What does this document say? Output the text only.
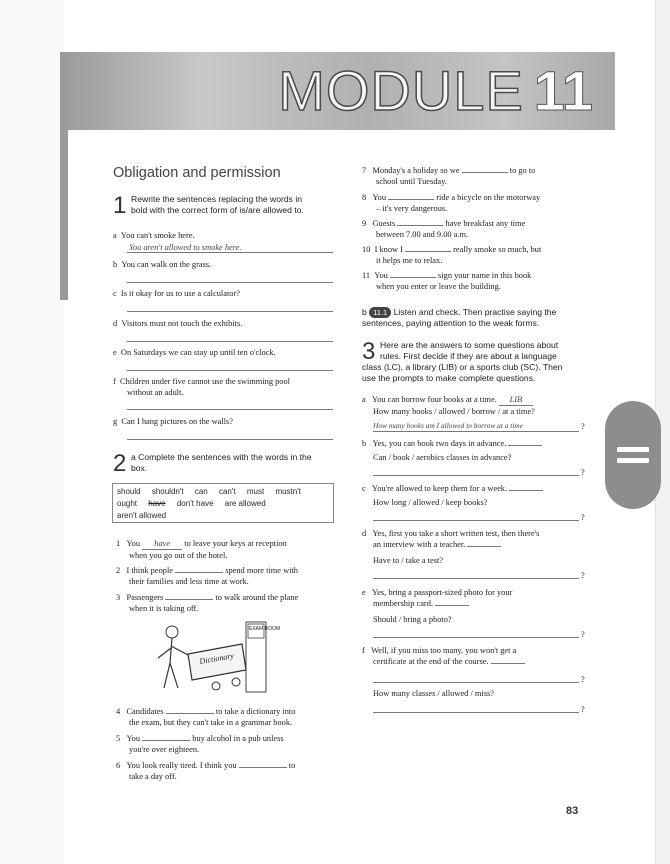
MODULE 11
Obligation and permission
1 Rewrite the sentences replacing the words in
bold with the correct form of is/are allowed to.
a You can't smoke here.
You aren't allowed to smoke here.
b You can walk on the grass.
c Is it okay for us to use a calculator?
d Visitors must not touch the exhibits.
e On Saturdays we can stay up until ten o'clock.
f Children under five cannot use the swimming pool
without an adult.
g Can I hang pictures on the walls?
2 a Complete the sentences with the words in the
box.
should shouldn't can can't must mustn't
ought have don't have are allowed
aren't allowed
1 You have to leave your keys at reception
when you go out of the hotel.
2 I think people	spend more time with
their families and less time at work.
3 Passengers	to walk around the plane
when it is taking off.
EXAM ROOM
Dictionary
4 Candidates	to take a dictionary into
the exam, but they can't take in a grammar book.
5 You	buy alcohol in a pub unless
you're over eighteen.
6 You look really tired. I think you	to
take a day off.
7 Monday's a holiday so we	to go to
school until Tuesday.
8 You	ride a bicycle on the motorway
– it's very dangerous.
9 Guests	have breakfast any time
between 7.00 and 9.00 a.m.
10 I know I	really smoke so much, but
it helps me to relax.
11 You	sign your name in this book
when you enter or leave the building.
b 11.1 Listen and check. Then practise saying the
sentences, paying attention to the weak forms.
3 Here are the answers to some questions about
rules. First decide if they are about a language
class (LC), a library (LIB) or a sports club (SC). Then
use the prompts to make complete questions.
a You can borrow four books at a time. LIB
How many books / allowed / borrow / at a time?
How many books am I allowed to borrow at a time	?
b Yes, you can book two days in advance.
Can / book / aerobics classes in advance?
?
c You're allowed to keep them for a week.
How long / allowed / keep books?
?
d Yes, first you take a short written test, then there's
an interview with a teacher.
Have to / take a test?
?
e Yes, bring a passport-sized photo for your
membership card.
Should / bring a photo?
?
f Well, if you miss too many, you won't get a
certificate at the end of the course.
?
How many classes / allowed / miss?
?
83
